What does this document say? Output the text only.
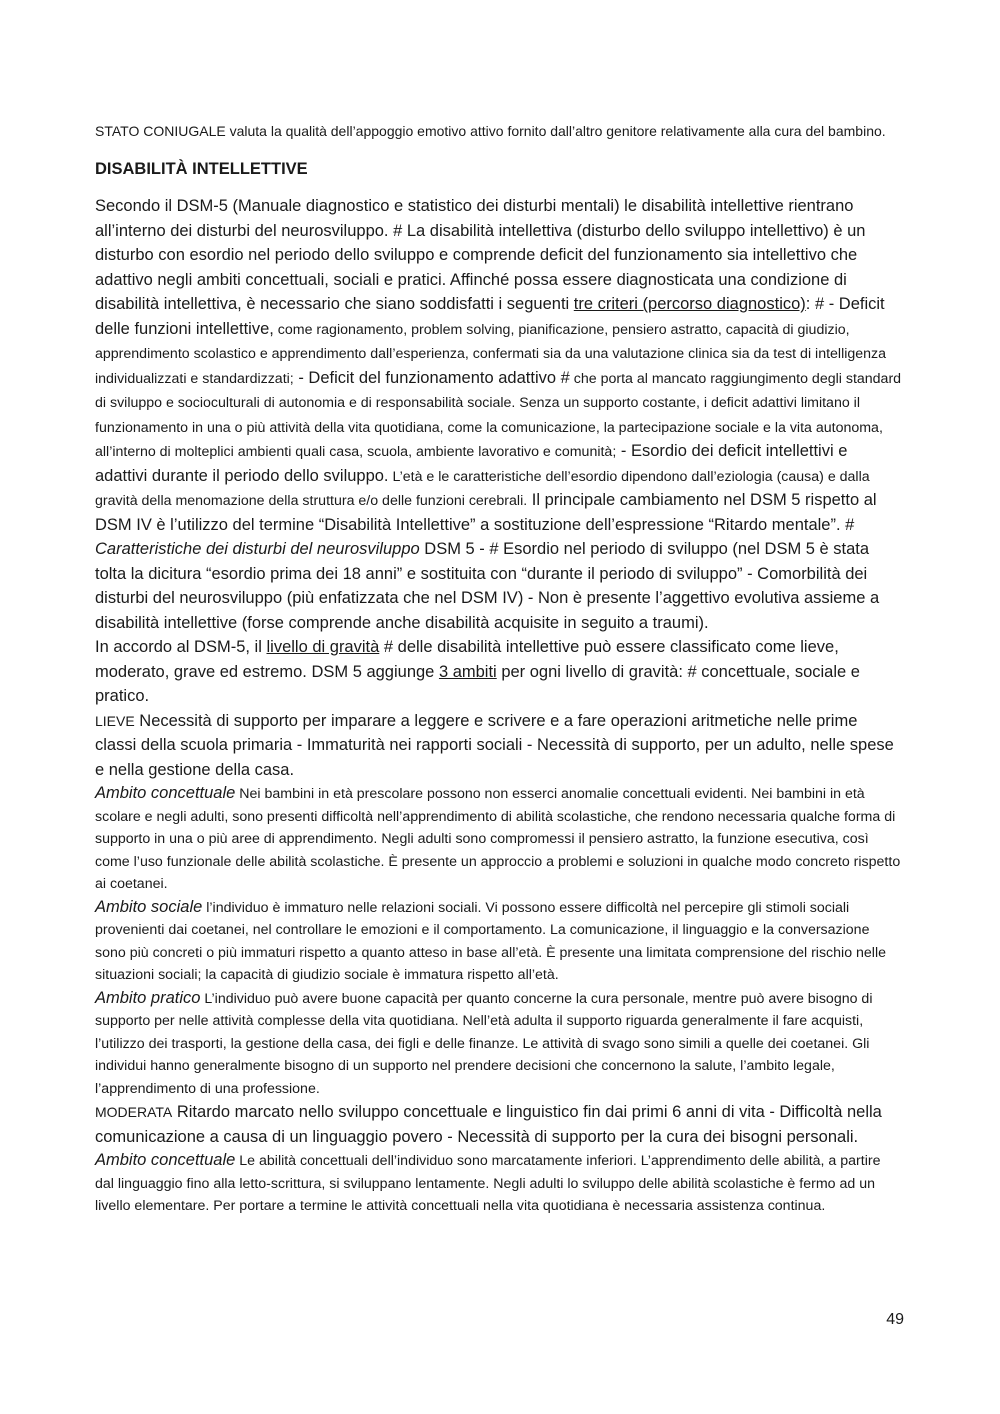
STATO CONIUGALE valuta la qualità dell’appoggio emotivo attivo fornito dall’altro genitore relativamente alla cura del bambino.

DISABILITÀ INTELLETTIVE

Secondo il DSM-5 (Manuale diagnostico e statistico dei disturbi mentali) le disabilità intellettive rientrano all’interno dei disturbi del neurosviluppo. # La disabilità intellettiva (disturbo dello sviluppo intellettivo) è un disturbo con esordio nel periodo dello sviluppo e comprende deficit del funzionamento sia intellettivo che adattivo negli ambiti concettuali, sociali e pratici. Affinché possa essere diagnosticata una condizione di disabilità intellettiva, è necessario che siano soddisfatti i seguenti tre criteri (percorso diagnostico): # - Deficit delle funzioni intellettive, come ragionamento, problem solving, pianificazione, pensiero astratto, capacità di giudizio, apprendimento scolastico e apprendimento dall’esperienza, confermati sia da una valutazione clinica sia da test di intelligenza individualizzati e standardizzati; - Deficit del funzionamento adattivo # che porta al mancato raggiungimento degli standard di sviluppo e socioculturali di autonomia e di responsabilità sociale. Senza un supporto costante, i deficit adattivi limitano il funzionamento in una o più attività della vita quotidiana, come la comunicazione, la partecipazione sociale e la vita autonoma, all’interno di molteplici ambienti quali casa, scuola, ambiente lavorativo e comunità; - Esordio dei deficit intellettivi e adattivi durante il periodo dello sviluppo. L’età e le caratteristiche dell’esordio dipendono dall’eziologia (causa) e dalla gravità della menomazione della struttura e/o delle funzioni cerebrali. Il principale cambiamento nel DSM 5 rispetto al DSM IV è l’utilizzo del termine “Disabilità Intellettive” a sostituzione dell’espressione “Ritardo mentale”. #
Caratteristiche dei disturbi del neurosviluppo DSM 5 - # Esordio nel periodo di sviluppo (nel DSM 5 è stata tolta la dicitura “esordio prima dei 18 anni” e sostituita con “durante il periodo di sviluppo” - Comorbilità dei disturbi del neurosviluppo (più enfatizzata che nel DSM IV) - Non è presente l’aggettivo evolutiva assieme a disabilità intellettive (forse comprende anche disabilità acquisite in seguito a traumi).
In accordo al DSM-5, il livello di gravità # delle disabilità intellettive può essere classificato come lieve, moderato, grave ed estremo. DSM 5 aggiunge 3 ambiti per ogni livello di gravità: # concettuale, sociale e pratico.

LIEVE Necessità di supporto per imparare a leggere e scrivere e a fare operazioni aritmetiche nelle prime classi della scuola primaria - Immaturità nei rapporti sociali - Necessità di supporto, per un adulto, nelle spese e nella gestione della casa.

Ambito concettuale Nei bambini in età prescolare possono non esserci anomalie concettuali evidenti. Nei bambini in età scolare e negli adulti, sono presenti difficoltà nell’apprendimento di abilità scolastiche, che rendono necessaria qualche forma di supporto in una o più aree di apprendimento. Negli adulti sono compromessi il pensiero astratto, la funzione esecutiva, così come l’uso funzionale delle abilità scolastiche. È presente un approccio a problemi e soluzioni in qualche modo concreto rispetto ai coetanei.

Ambito sociale l’individuo è immaturo nelle relazioni sociali. Vi possono essere difficoltà nel percepire gli stimoli sociali provenienti dai coetanei, nel controllare le emozioni e il comportamento. La comunicazione, il linguaggio e la conversazione sono più concreti o più immaturi rispetto a quanto atteso in base all’età. È presente una limitata comprensione del rischio nelle situazioni sociali; la capacità di giudizio sociale è immatura rispetto all’età.

Ambito pratico L’individuo può avere buone capacità per quanto concerne la cura personale, mentre può avere bisogno di supporto per nelle attività complesse della vita quotidiana. Nell’età adulta il supporto riguarda generalmente il fare acquisti, l’utilizzo dei trasporti, la gestione della casa, dei figli e delle finanze. Le attività di svago sono simili a quelle dei coetanei. Gli individui hanno generalmente bisogno di un supporto nel prendere decisioni che concernono la salute, l’ambito legale, l’apprendimento di una professione.

MODERATA Ritardo marcato nello sviluppo concettuale e linguistico fin dai primi 6 anni di vita - Difficoltà nella comunicazione a causa di un linguaggio povero - Necessità di supporto per la cura dei bisogni personali.

Ambito concettuale Le abilità concettuali dell’individuo sono marcatamente inferiori. L’apprendimento delle abilità, a partire dal linguaggio fino alla letto-scrittura, si sviluppano lentamente. Negli adulti lo sviluppo delle abilità scolastiche è fermo ad un livello elementare. Per portare a termine le attività concettuali nella vita quotidiana è necessaria assistenza continua.

49
